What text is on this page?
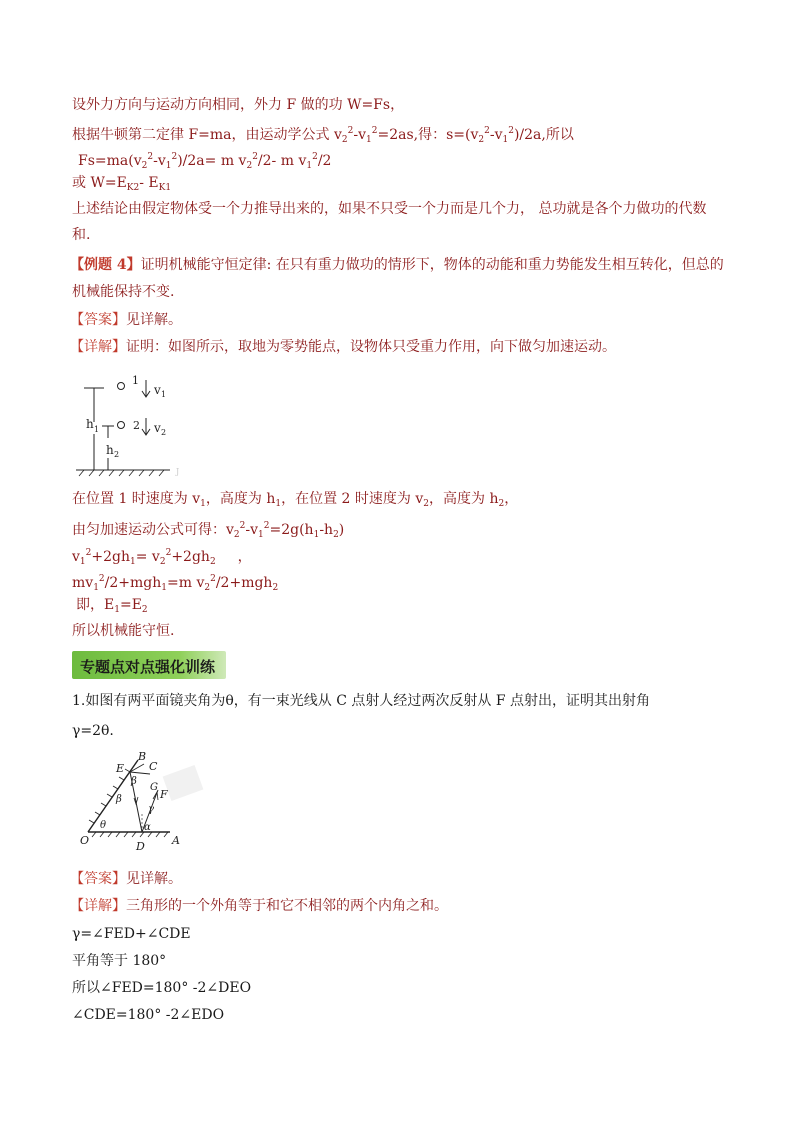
设外力方向与运动方向相同，外力 F 做的功 W=Fs，
根据牛顿第二定律 F=ma，由运动学公式 $v_2^2-v_1^2=2as$,得：$s=(v_2^2-v_1^2)/2a$,所以
$Fs=ma(v_2^2-v_1^2)/2a= m$ $v_2^2/2-$ m $v_1^2/2$
或 $W=E_{K2}-$ $E_{K1}$
上述结论由假定物体受一个力推导出来的，如果不只受一个力而是几个力， 总功就是各个力做功的代数
和.
【例题 4】证明机械能守恒定律: 在只有重力做功的情形下，物体的动能和重力势能发生相互转化，但总的
机械能保持不变.
【答案】见详解。
【详解】证明：如图所示，取地为零势能点，设物体只受重力作用，向下做匀加速运动。
h 1
h 2
1
v 1
2 v 2
J
在位置 1 时速度为 $v_1$，高度为 $h_1$，在位置 2 时速度为 $v_2$，高度为 $h_2$，
由匀加速运动公式可得：$v_2^2-v_1^2=2g(h_1-h_2)$
$v_1^2+2gh_1= v_2^2+2gh_2$ ，
$mv_1^2/2+mgh_1=m$ $v_2^2/2+mgh_2$
即，$E_1=E_2$
所以机械能守恒.
专题点对点强化训练
1.如图有两平面镜夹角为θ，有一束光线从 C 点射人经过两次反射从 F 点射出，证明其出射角
γ=2θ.
B
E C
G
F
O	D A
β
β
γ
θ	α
【答案】见详解。
【详解】三角形的一个外角等于和它不相邻的两个内角之和。
γ=∠FED+∠CDE
平角等于 180°
所以∠FED=180° -2∠DEO
∠CDE=180° -2∠EDO
